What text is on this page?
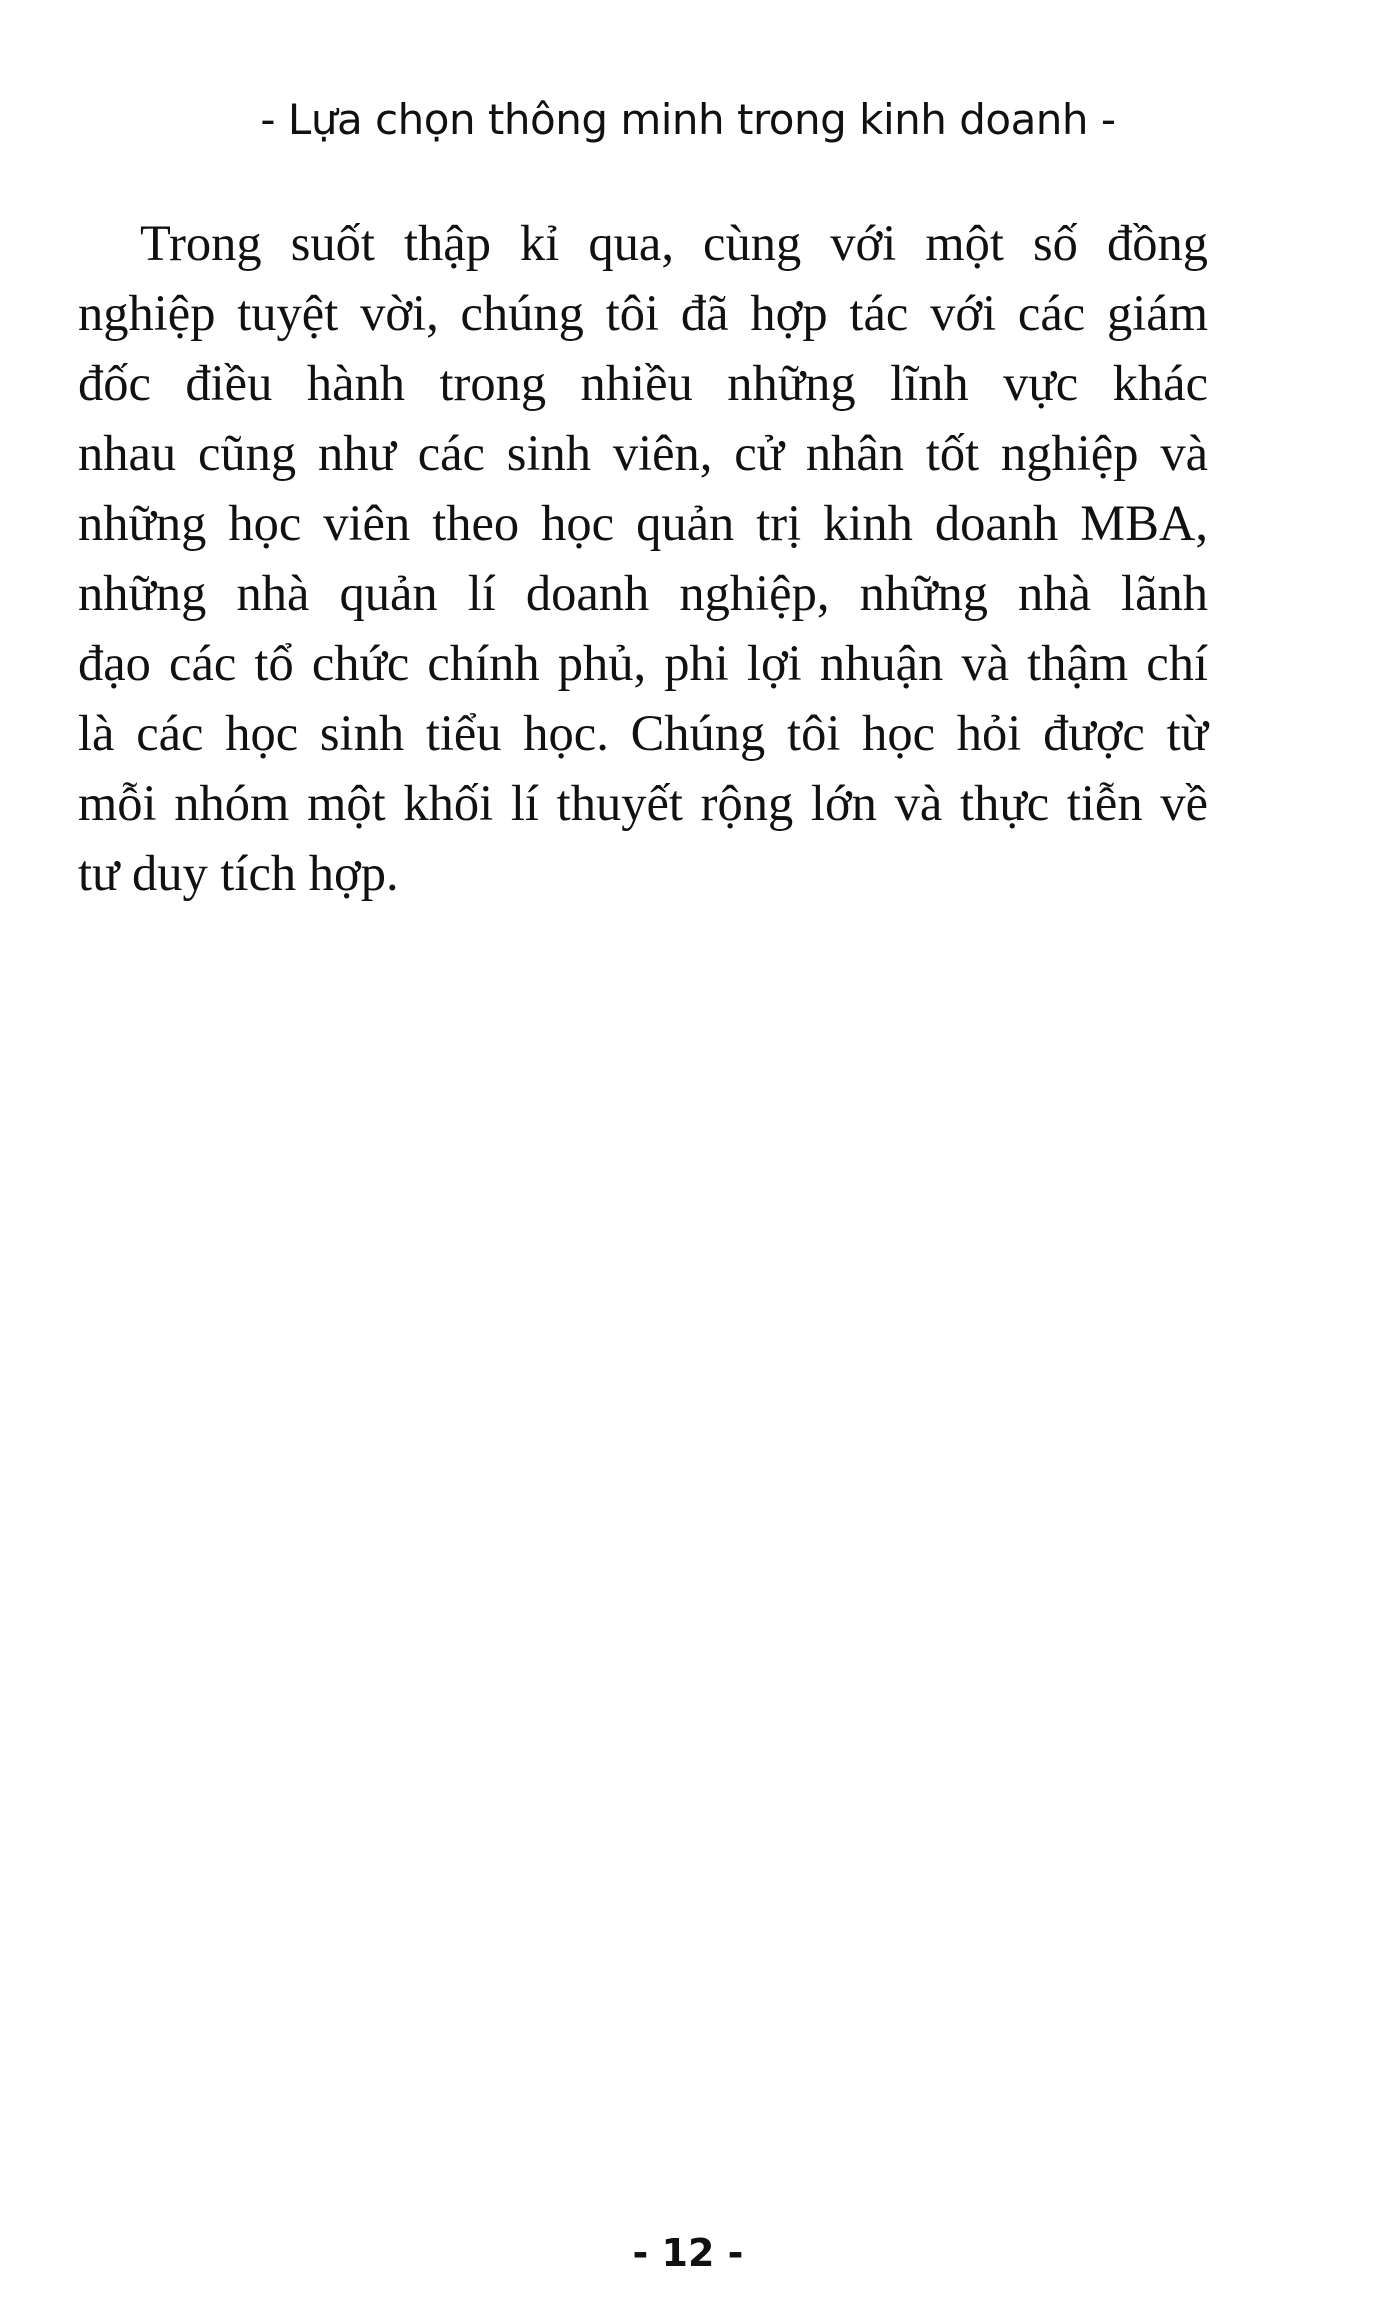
- Lựa chọn thông minh trong kinh doanh -

Trong suốt thập kỉ qua, cùng với một số đồng
nghiệp tuyệt vời, chúng tôi đã hợp tác với các giám
đốc điều hành trong nhiều những lĩnh vực khác
nhau cũng như các sinh viên, cử nhân tốt nghiệp và
những học viên theo học quản trị kinh doanh MBA,
những nhà quản lí doanh nghiệp, những nhà lãnh
đạo các tổ chức chính phủ, phi lợi nhuận và thậm chí
là các học sinh tiểu học. Chúng tôi học hỏi được từ
mỗi nhóm một khối lí thuyết rộng lớn và thực tiễn về
tư duy tích hợp.

- 12 -
